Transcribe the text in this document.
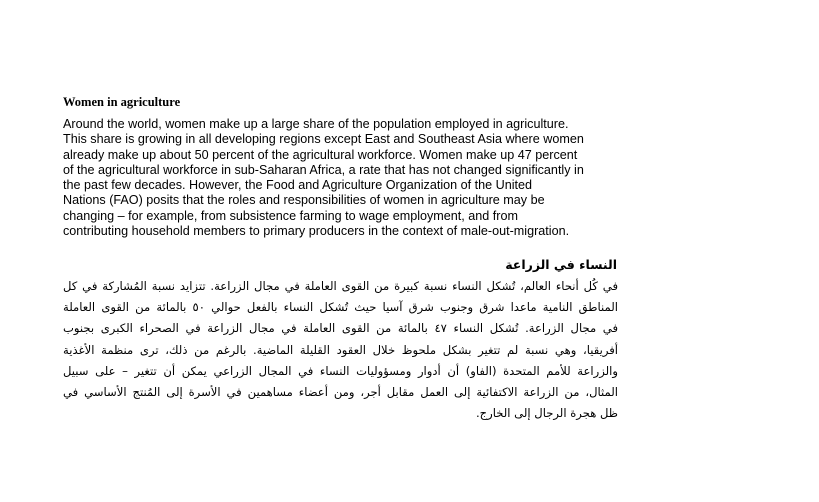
Women in agriculture

Around the world, women make up a large share of the population employed in agriculture.
This share is growing in all developing regions except East and Southeast Asia where women
already make up about 50 percent of the agricultural workforce. Women make up 47 percent
of the agricultural workforce in sub-Saharan Africa, a rate that has not changed significantly in
the past few decades. However, the Food and Agriculture Organization of the United
Nations (FAO) posits that the roles and responsibilities of women in agriculture may be
changing – for example, from subsistence farming to wage employment, and from
contributing household members to primary producers in the context of male-out-migration.

النساء في الزراعة

في كُل أنحاء العالم، تُشكل النساء نسبة كبيرة من القوى العاملة في مجال الزراعة. تتزايد نسبة المُشاركة في كل
المناطق النامية ماعدا شرق وجنوب شرق آسيا حيث تُشكل النساء بالفعل حوالي ٥٠ بالمائة من القوى العاملة
في مجال الزراعة. تُشكل النساء ٤٧ بالمائة من القوى العاملة في مجال الزراعة في الصحراء الكبرى بجنوب
أفريقيا، وهي نسبة لم تتغير بشكل ملحوظ خلال العقود القليلة الماضية. بالرغم من ذلك، ترى منظمة الأغذية
والزراعة للأمم المتحدة (الفاو) أن أدوار ومسؤوليات النساء في المجال الزراعي يمكن أن تتغير – على سبيل
المثال، من الزراعة الاكتفائية إلى العمل مقابل أجر، ومن أعضاء مساهمين في الأسرة إلى المُنتج الأساسي في
ظل هجرة الرجال إلى الخارج.
